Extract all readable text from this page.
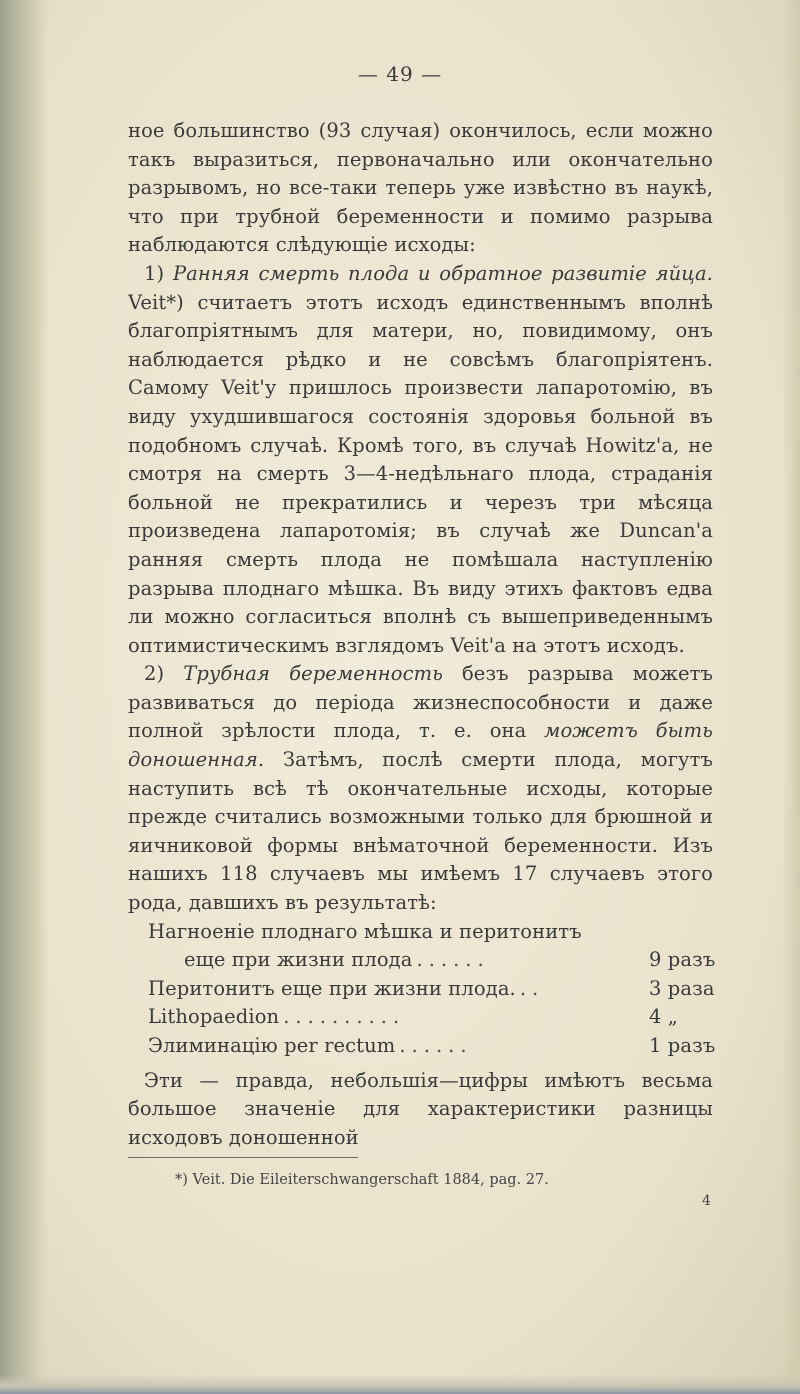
— 49 —

ное большинство (93 случая) окончилось, если можно такъ выразиться, первоначально или окончательно разрывомъ, но все-таки теперь уже извѣстно въ наукѣ, что при трубной беременности и помимо разрыва наблюдаются слѣдующіе исходы:

1) Ранняя смерть плода и обратное развитіе яйца. Veit*) считаетъ этотъ исходъ единственнымъ вполнѣ благопріятнымъ для матери, но, повидимому, онъ наблюдается рѣдко и не совсѣмъ благопріятенъ. Самому Veit'у пришлось произвести лапаротомію, въ виду ухудшившагося состоянія здоровья больной въ подобномъ случаѣ. Кромѣ того, въ случаѣ Howitz'а, не смотря на смерть 3—4-недѣльнаго плода, страданія больной не прекратились и черезъ три мѣсяца произведена лапаротомія; въ случаѣ же Duncan'а ранняя смерть плода не помѣшала наступленію разрыва плоднаго мѣшка. Въ виду этихъ фактовъ едва ли можно согласиться вполнѣ съ вышеприведеннымъ оптимистическимъ взглядомъ Veit'а на этотъ исходъ.

2) Трубная беременность безъ разрыва можетъ развиваться до періода жизнеспособности и даже полной зрѣлости плода, т. е. она можетъ быть доношенная. Затѣмъ, послѣ смерти плода, могутъ наступить всѣ тѣ окончательные исходы, которые прежде считались возможными только для брюшной и яичниковой формы внѣматочной беременности. Изъ нашихъ 118 случаевъ мы имѣемъ 17 случаевъ этого рода, давшихъ въ результатѣ:

Нагноеніе плоднаго мѣшка и перитонитъ
еще при жизни плода ......	9 разъ
Перитонитъ еще при жизни плода. ..	3 раза
Lithopaedion ..........	4 „
Элиминацію per rectum ......	1 разъ

Эти — правда, небольшія—цифры имѣютъ весьма большое значеніе для характеристики разницы исходовъ доношенной

*) Veit. Die Eileiterschwangerschaft 1884, pag. 27.
4
